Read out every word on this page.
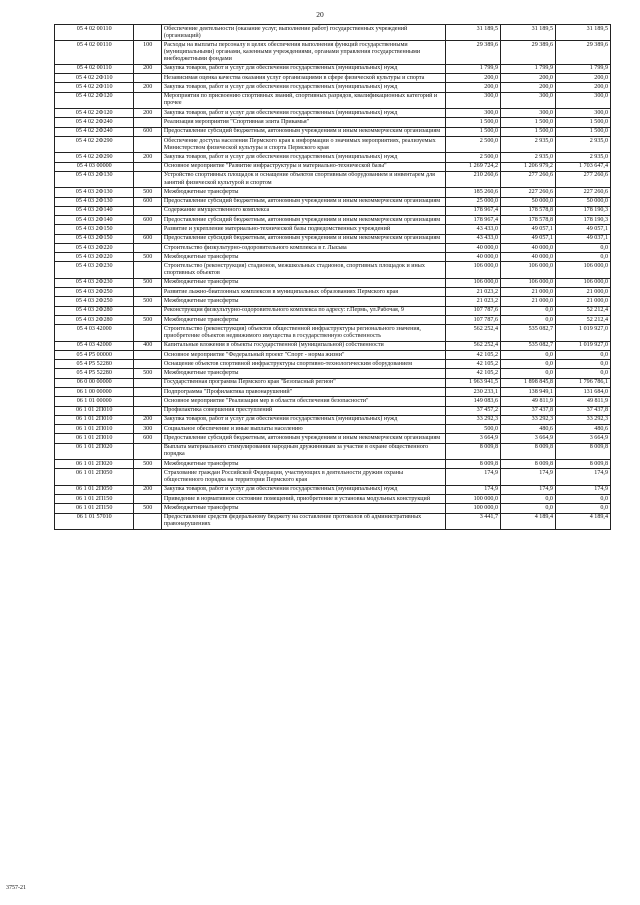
20
05 4 02 00110		Обеспечение деятельности (оказание услуг, выполнение работ) государственных учреждений (организаций)	31 189,5	31 189,5	31 189,5
05 4 02 00110	100	Расходы на выплаты персоналу в целях обеспечения выполнения функций государственными (муниципальными) органами, казенными учреждениями, органами управления государственными внебюджетными фондами	29 389,6	29 389,6	29 389,6
05 4 02 00110	200	Закупка товаров, работ и услуг для обеспечения государственных (муниципальных) нужд	1 799,9	1 799,9	1 799,9
05 4 02 2Ф110		Независимая оценка качества оказания услуг организациями в сфере физической культуры и спорта	200,0	200,0	200,0
05 4 02 2Ф110	200	Закупка товаров, работ и услуг для обеспечения государственных (муниципальных) нужд	200,0	200,0	200,0
05 4 02 2Ф120		Мероприятия по присвоению спортивных званий, спортивных разрядов, квалификационных категорий и прочее	300,0	300,0	300,0
05 4 02 2Ф120	200	Закупка товаров, работ и услуг для обеспечения государственных (муниципальных) нужд	300,0	300,0	300,0
05 4 02 2Ф240		Реализация мероприятия "Спортивная элита Прикамья"	1 500,0	1 500,0	1 500,0
05 4 02 2Ф240	600	Предоставление субсидий бюджетным, автономным учреждениям и иным некоммерческим организациям	1 500,0	1 500,0	1 500,0
05 4 02 2Ф290		Обеспечение доступа населения Пермского края к информации о значимых мероприятиях, реализуемых Министерством физической культуры и спорта Пермского края	2 500,0	2 935,0	2 935,0
05 4 02 2Ф290	200	Закупка товаров, работ и услуг для обеспечения государственных (муниципальных) нужд	2 500,0	2 935,0	2 935,0
05 4 03 00000		Основное мероприятие "Развитие инфраструктуры и материально-технической базы"	1 269 724,2	1 206 979,2	1 703 647,4
05 4 03 2Ф130		Устройство спортивных площадок и оснащение объектов спортивным оборудованием и инвентарем для занятий физической культурой и спортом	210 260,6	277 260,6	277 260,6
05 4 03 2Ф130	500	Межбюджетные трансферты	185 260,6	227 260,6	227 260,6
05 4 03 2Ф130	600	Предоставление субсидий бюджетным, автономным учреждениям и иным некоммерческим организациям	25 000,0	50 000,0	50 000,0
05 4 03 2Ф140		Содержание имущественного комплекса	178 967,4	178 578,8	178 190,3
05 4 03 2Ф140	600	Предоставление субсидий бюджетным, автономным учреждениям и иным некоммерческим организациям	178 967,4	178 578,8	178 190,3
05 4 03 2Ф150		Развитие и укрепление материально-технической базы подведомственных учреждений	43 433,0	49 057,1	49 057,1
05 4 03 2Ф150	600	Предоставление субсидий бюджетным, автономным учреждениям и иным некоммерческим организациям	43 433,0	49 057,1	49 037,1
05 4 03 2Ф220		Строительство физкультурно-оздоровительного комплекса в г. Лысьва	40 000,0	40 000,0	0,0
05 4 03 2Ф220	500	Межбюджетные трансферты	40 000,0	40 000,0	0,0
05 4 03 2Ф230		Строительство (реконструкция) стадионов, межшкольных стадионов, спортивных площадок и иных спортивных объектов	106 000,0	106 000,0	106 000,0
05 4 03 2Ф230	500	Межбюджетные трансферты	106 000,0	106 000,0	106 000,0
05 4 03 2Ф250		Развитие лыжно-биатлонных комплексов в муниципальных образованиях Пермского края	21 023,2	21 000,0	21 000,0
05 4 03 2Ф250	500	Межбюджетные трансферты	21 023,2	21 000,0	21 000,0
05 4 03 2Ф280		Реконструкция физкультурно-оздоровительного комплекса по адресу: г.Пермь, ул.Рабочая, 9	107 787,6	0,0	52 212,4
05 4 03 2Ф280	500	Межбюджетные трансферты	107 787,6	0,0	52 212,4
05 4 03 42000		Строительство (реконструкция) объектов общественной инфраструктуры регионального значения, приобретение объектов недвижимого имущества в государственную собственность	562 252,4	535 082,7	1 019 927,0
05 4 03 42000	400	Капитальные вложения в объекты государственной (муниципальной) собственности	562 252,4	535 082,7	1 019 927,0
05 4 P5 00000		Основное мероприятие "Федеральный проект "Спорт - норма жизни"	42 105,2	0,0	0,0
05 4 P5 52280		Оснащение объектов спортивной инфраструктуры спортивно-технологическим оборудованием	42 105,2	0,0	0,0
05 4 P5 52280	500	Межбюджетные трансферты	42 105,2	0,0	0,0
06 0 00 00000		Государственная программа Пермского края "Безопасный регион"	1 963 941,5	1 898 845,8	1 796 786,1
06 1 00 00000		Подпрограмма "Профилактика правонарушений"	230 233,1	138 949,1	131 684,0
06 1 01 00000		Основное мероприятие "Реализация мер в области обеспечения безопасности"	149 083,6	49 811,9	49 811,9
06 1 01 2П010		Профилактика совершения преступлений	37 457,2	37 437,8	37 437,8
06 1 01 2П010	200	Закупка товаров, работ и услуг для обеспечения государственных (муниципальных) нужд	33 292,3	33 292,3	33 292,3
06 1 01 2П010	300	Социальное обеспечение и иные выплаты населению	500,0	480,6	480,6
06 1 01 2П010	600	Предоставление субсидий бюджетным, автономным учреждениям и иным некоммерческим организациям	3 664,9	3 664,9	3 664,9
06 1 01 2П020		Выплата материального стимулирования народным дружинникам за участие в охране общественного порядка	8 009,8	8 009,8	8 009,8
06 1 01 2П020	500	Межбюджетные трансферты	8 009,8	8 009,8	8 009,8
06 1 01 2П050		Страхование граждан Российской Федерации, участвующих в деятельности дружин охраны общественного порядка на территории Пермского края	174,9	174,9	174,9
06 1 01 2П050	200	Закупка товаров, работ и услуг для обеспечения государственных (муниципальных) нужд	174,9	174,9	174,9
06 1 01 2П150		Приведение в нормативное состояние помещений, приобретение и установка модульных конструкций	100 000,0	0,0	0,0
06 1 01 2П150	500	Межбюджетные трансферты	100 000,0	0,0	0,0
06 1 01 57010		Предоставление средств федеральному бюджету на составление протоколов об административных правонарушениях	3 441,7	4 189,4	4 189,4
3757-21
